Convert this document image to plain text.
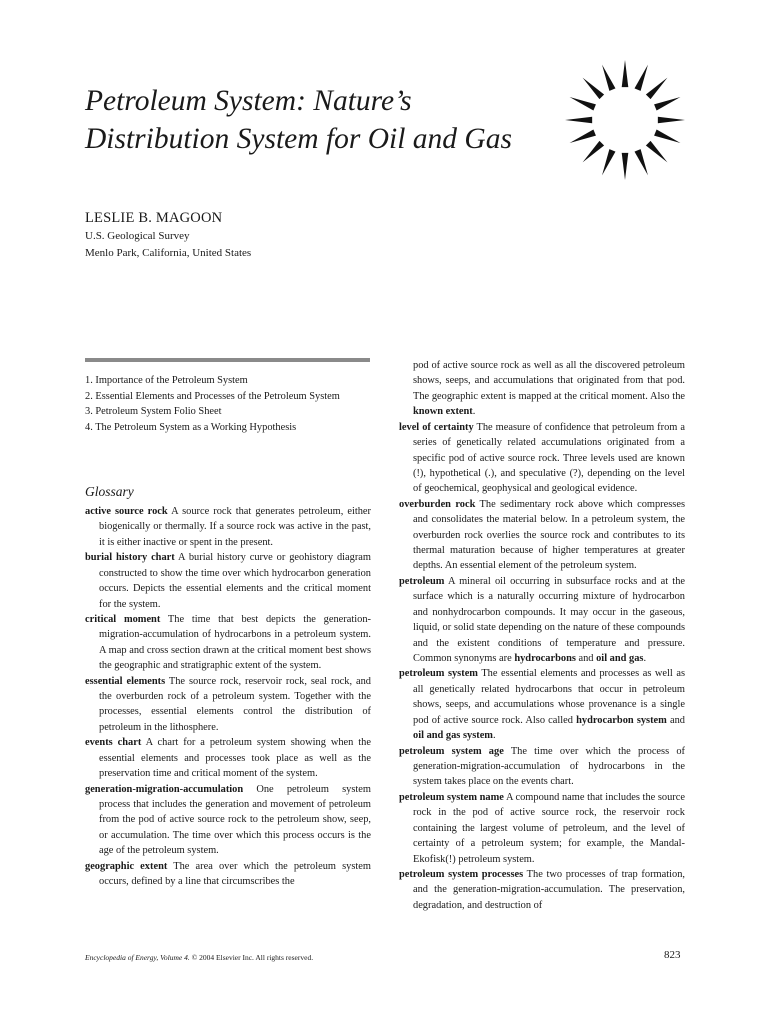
Petroleum System: Nature’s Distribution System for Oil and Gas
LESLIE B. MAGOON
U.S. Geological Survey
Menlo Park, California, United States
1. Importance of the Petroleum System
2. Essential Elements and Processes of the Petroleum System
3. Petroleum System Folio Sheet
4. The Petroleum System as a Working Hypothesis
Glossary
active source rock A source rock that generates petroleum, either biogenically or thermally. If a source rock was active in the past, it is either inactive or spent in the present.
burial history chart A burial history curve or geohistory diagram constructed to show the time over which hydrocarbon generation occurs. Depicts the essential elements and the critical moment for the system.
critical moment The time that best depicts the generation-migration-accumulation of hydrocarbons in a petroleum system. A map and cross section drawn at the critical moment best shows the geographic and stratigraphic extent of the system.
essential elements The source rock, reservoir rock, seal rock, and the overburden rock of a petroleum system. Together with the processes, essential elements control the distribution of petroleum in the lithosphere.
events chart A chart for a petroleum system showing when the essential elements and processes took place as well as the preservation time and critical moment of the system.
generation-migration-accumulation One petroleum system process that includes the generation and movement of petroleum from the pod of active source rock to the petroleum show, seep, or accumulation. The time over which this process occurs is the age of the petroleum system.
geographic extent The area over which the petroleum system occurs, defined by a line that circumscribes the
pod of active source rock as well as all the discovered petroleum shows, seeps, and accumulations that originated from that pod. The geographic extent is mapped at the critical moment. Also the known extent.
level of certainty The measure of confidence that petroleum from a series of genetically related accumulations originated from a specific pod of active source rock. Three levels used are known (!), hypothetical (.), and speculative (?), depending on the level of geochemical, geophysical and geological evidence.
overburden rock The sedimentary rock above which compresses and consolidates the material below. In a petroleum system, the overburden rock overlies the source rock and contributes to its thermal maturation because of higher temperatures at greater depths. An essential element of the petroleum system.
petroleum A mineral oil occurring in subsurface rocks and at the surface which is a naturally occurring mixture of hydrocarbon and nonhydrocarbon compounds. It may occur in the gaseous, liquid, or solid state depending on the nature of these compounds and the existent conditions of temperature and pressure. Common synonyms are hydrocarbons and oil and gas.
petroleum system The essential elements and processes as well as all genetically related hydrocarbons that occur in petroleum shows, seeps, and accumulations whose provenance is a single pod of active source rock. Also called hydrocarbon system and oil and gas system.
petroleum system age The time over which the process of generation-migration-accumulation of hydrocarbons in the system takes place on the events chart.
petroleum system name A compound name that includes the source rock in the pod of active source rock, the reservoir rock containing the largest volume of petroleum, and the level of certainty of a petroleum system; for example, the Mandal-Ekofisk(!) petroleum system.
petroleum system processes The two processes of trap formation, and the generation-migration-accumulation. The preservation, degradation, and destruction of
Encyclopedia of Energy, Volume 4. © 2004 Elsevier Inc. All rights reserved.	823
